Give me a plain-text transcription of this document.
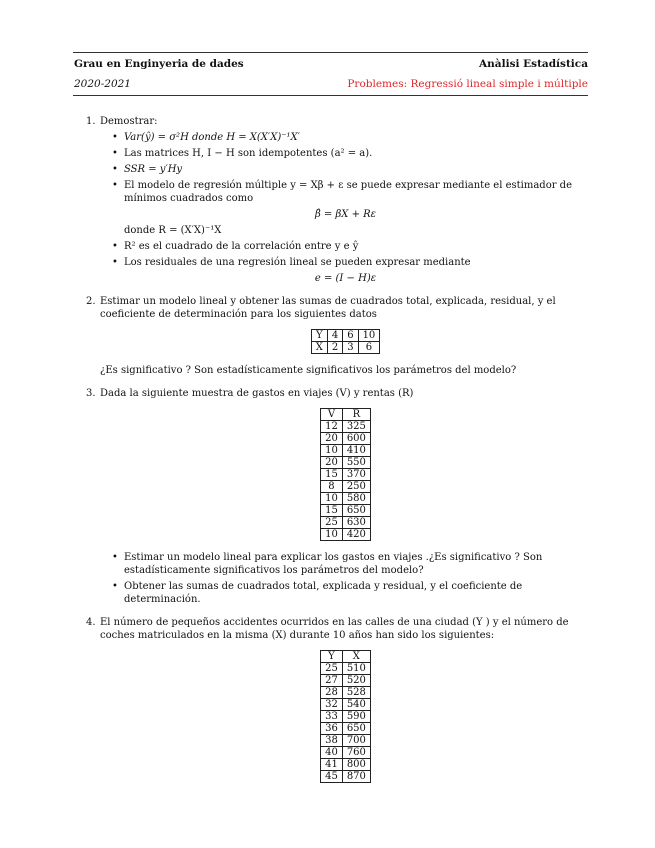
Grau en Enginyeria de dades	Anàlisi Estadística
2020-2021	Problemes: Regressió lineal simple i múltiple
1. Demostrar:
• Var(ŷ) = σ²H donde H = X(X′X)⁻¹X′
• Las matrices H, I − H son idempotentes (a² = a).
• SSR = y′Hy
• El modelo de regresión múltiple y = Xβ + ε se puede expresar mediante el estimador de mínimos cuadrados como
β̂ = βX + Rε
donde R = (X′X)⁻¹X
• R² es el cuadrado de la correlación entre y e ŷ
• Los residuales de una regresión lineal se pueden expresar mediante
e = (I − H)ε
2. Estimar un modelo lineal y obtener las sumas de cuadrados total, explicada, residual, y el coeficiente de determinación para los siguientes datos
Y	4	6	10
X	2	3	6
¿Es significativo ? Son estadísticamente significativos los parámetros del modelo?
3. Dada la siguiente muestra de gastos en viajes (V) y rentas (R)
V	R
12	325
20	600
10	410
20	550
15	370
8	250
10	580
15	650
25	630
10	420
• Estimar un modelo lineal para explicar los gastos en viajes .¿Es significativo ? Son estadísticamente significativos los parámetros del modelo?
• Obtener las sumas de cuadrados total, explicada y residual, y el coeficiente de determinación.
4. El número de pequeños accidentes ocurridos en las calles de una ciudad (Y ) y el número de coches matriculados en la misma (X) durante 10 años han sido los siguientes:
Y	X
25	510
27	520
28	528
32	540
33	590
36	650
38	700
40	760
41	800
45	870
